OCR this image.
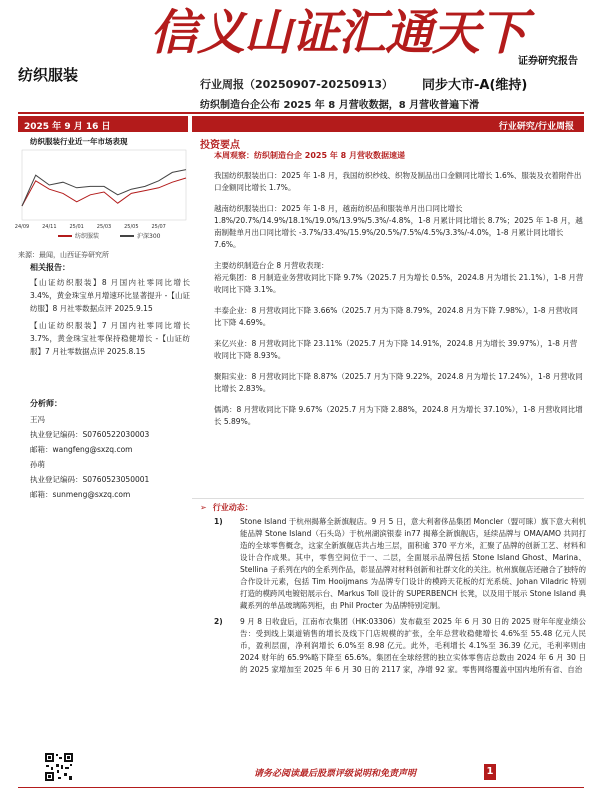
信义山证汇通天下
证券研究报告
纺织服装
行业周报（20250907-20250913） 同步大市-A(维持)
纺织制造台企公布 2025 年 8 月营收数据，8 月营收普遍下滑
2025 年 9 月 16 日	行业研究/行业周报
纺织服装行业近一年市场表现
24/09	24/11	25/01	25/03	25/05	25/07
纺织服装	沪深300
来源：最闻，山西证券研究所
相关报告：

【山证纺织服装】8 月国内社零同比增长 3.4%，黄金珠宝单月增速环比显著提升 -【山证纺服】8 月社零数据点评 2025.9.15

【山证纺织服装】7 月国内社零同比增长 3.7%，黄金珠宝社零保持稳健增长 -【山证纺服】7 月社零数据点评 2025.8.15

分析师：
王冯
执业登记编码：S0760522030003
邮箱：wangfeng@sxzq.com
孙萌
执业登记编码：S0760523050001
邮箱：sunmeng@sxzq.com
投资要点
本周观察：纺织制造台企 2025 年 8 月营收数据速递

我国纺织服装出口：2025 年 1-8 月，我国纺织纱线、织物及制品出口金额同比增长 1.6%、服装及衣着附件出口金额同比增长 1.7%。

越南纺织服装出口：2025 年 1-8 月，越南纺织品和服装单月出口同比增长 1.8%/20.7%/14.9%/18.1%/19.0%/13.9%/5.3%/-4.8%，1-8 月累计同比增长 8.7%；2025 年 1-8 月，越南制鞋单月出口同比增长 -3.7%/33.4%/15.9%/20.5%/7.5%/4.5%/3.3%/-4.0%，1-8 月累计同比增长 7.6%。

主要纺织制造台企 8 月营收表现：
裕元集团：8 月制造业务营收同比下降 9.7%（2025.7 月为增长 0.5%，2024.8 月为增长 21.1%），1-8 月营收同比下降 3.1%。

丰泰企业：8 月营收同比下降 3.66%（2025.7 月为下降 8.79%，2024.8 月为下降 7.98%），1-8 月营收同比下降 4.69%。

来亿兴业：8 月营收同比下降 23.11%（2025.7 月为下降 14.91%，2024.8 月为增长 39.97%），1-8 月营收同比下降 8.93%。

聚阳实业：8 月营收同比下降 8.87%（2025.7 月为下降 9.22%，2024.8 月为增长 17.24%），1-8 月营收同比增长 2.83%。

儒鸿：8 月营收同比下降 9.67%（2025.7 月为下降 2.88%，2024.8 月为增长 37.10%），1-8 月营收同比增长 5.89%。

➢ 行业动态：
1) Stone Island 于杭州揭幕全新旗舰店。9 月 5 日，意大利奢侈品集团 Moncler（盟可睐）旗下意大利机能品牌 Stone Island（石头岛）于杭州湖滨银泰 in77 揭幕全新旗舰店，延续品牌与 OMA/AMO 共同打造的全球零售概念，这家全新旗舰店共占地三层，面积逾 370 平方米，汇聚了品牌的创新工艺、材料和设计合作成果。其中，零售空间位于一、二层，全面展示品牌包括 Stone Island Ghost、Marina、Stellina 子系列在内的全系列作品，彰显品牌对材料创新和社群文化的关注。杭州旗舰店还融合了独特的合作设计元素，包括 Tim Hooijmans 为品牌专门设计的模跨天花板的灯光系统、Johan Viladric 特别打造的模跨风电镀铝展示台、Markus Toll 设计的 SUPERBENCH 长凳，以及用于展示 Stone Island 典藏系列的单品玻璃陈列柜，由 Phil Procter 为品牌特别定制。
2) 9 月 8 日收盘后，江南布衣集团（HK:03306）发布截至 2025 年 6 月 30 日的 2025 财年年度业绩公告：受到线上渠道销售的增长及线下门店规模的扩张，全年总营收稳健增长 4.6%至 55.48 亿元人民币，盈利层面，净利润增长 6.0%至 8.98 亿元。此外，毛利增长 4.1%至 36.39 亿元，毛利率则由 2024 财年的 65.9%略下降至 65.6%。集团在全球经营的独立实体零售店总数由 2024 年 6 月 30 日的 2025 家增加至 2025 年 6 月 30 日的 2117 家，净增 92 家。零售网络覆盖中国内地所有省、自治
请务必阅读最后股票评级说明和免责声明	1
